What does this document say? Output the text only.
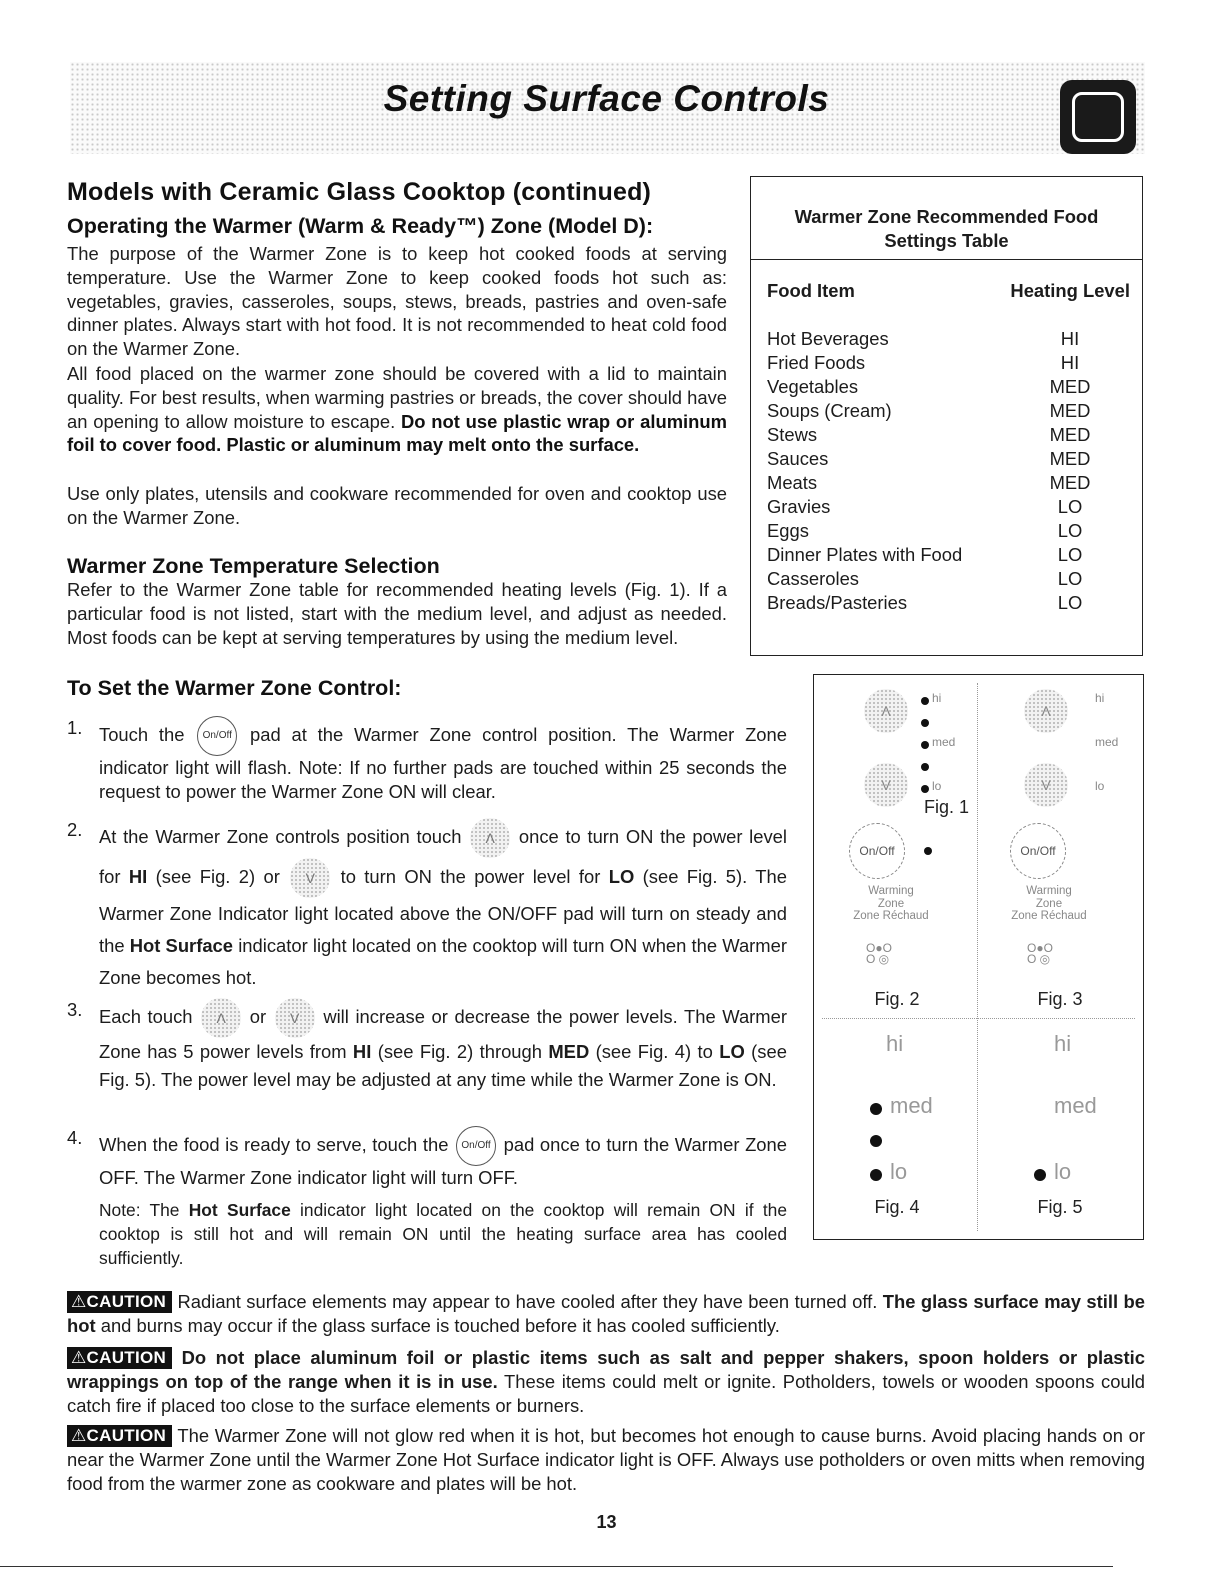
Setting Surface Controls
Models with Ceramic Glass Cooktop (continued)
Operating the Warmer (Warm & Ready™) Zone (Model D):
The purpose of the Warmer Zone is to keep hot cooked foods at serving temperature. Use the Warmer Zone to keep cooked foods hot such as: vegetables, gravies, casseroles, soups, stews, breads, pastries and oven-safe dinner plates. Always start with hot food. It is not recommended to heat cold food on the Warmer Zone.
All food placed on the warmer zone should be covered with a lid to maintain quality. For best results, when warming pastries or breads, the cover should have an opening to allow moisture to escape. Do not use plastic wrap or aluminum foil to cover food. Plastic or aluminum may melt onto the surface.
Use only plates, utensils and cookware recommended for oven and cooktop use on the Warmer Zone.
Warmer Zone Temperature Selection
Refer to the Warmer Zone table for recommended heating levels (Fig. 1). If a particular food is not listed, start with the medium level, and adjust as needed. Most foods can be kept at serving temperatures by using the medium level.
To Set the Warmer Zone Control:
1. Touch the On/Off pad at the Warmer Zone control position. The Warmer Zone indicator light will flash. Note: If no further pads are touched within 25 seconds the request to power the Warmer Zone ON will clear.
2. At the Warmer Zone controls position touch Λ once to turn ON the power level for HI (see Fig. 2) or V to turn ON the power level for LO (see Fig. 5). The Warmer Zone Indicator light located above the ON/OFF pad will turn on steady and the Hot Surface indicator light located on the cooktop will turn ON when the Warmer Zone becomes hot.
3. Each touch Λ or V will increase or decrease the power levels. The Warmer Zone has 5 power levels from HI (see Fig. 2) through MED (see Fig. 4) to LO (see Fig. 5). The power level may be adjusted at any time while the Warmer Zone is ON.
4. When the food is ready to serve, touch the On/Off pad once to turn the Warmer Zone OFF. The Warmer Zone indicator light will turn OFF.

Note: The Hot Surface indicator light located on the cooktop will remain ON if the cooktop is still hot and will remain ON until the heating surface area has cooled sufficiently.

Warmer Zone Recommended Food
Settings Table
Food Item	Heating Level
Hot Beverages	HI
Fried Foods	HI
Vegetables	MED
Soups (Cream)	MED
Stews	MED
Sauces	MED
Meats	MED
Gravies	LO
Eggs	LO
Dinner Plates with Food	LO
Casseroles	LO
Breads/Pasteries	LO
Fig. 1
Λ
hi
med
V	lo
On/Off
Warming
Zone
Zone Réchaud
O●O
O ◎
Fig. 2
Λ
hi
med
V	lo
On/Off
Warming
Zone
Zone Réchaud
O●O
O ◎
Fig. 3
hi
med
lo
Fig. 4
hi
med
lo
Fig. 5
⚠CAUTION Radiant surface elements may appear to have cooled after they have been turned off. The glass surface may still be hot and burns may occur if the glass surface is touched before it has cooled sufficiently.
⚠CAUTION Do not place aluminum foil or plastic items such as salt and pepper shakers, spoon holders or plastic wrappings on top of the range when it is in use. These items could melt or ignite. Potholders, towels or wooden spoons could catch fire if placed too close to the surface elements or burners.
⚠CAUTION The Warmer Zone will not glow red when it is hot, but becomes hot enough to cause burns. Avoid placing hands on or near the Warmer Zone until the Warmer Zone Hot Surface indicator light is OFF. Always use potholders or oven mitts when removing food from the warmer zone as cookware and plates will be hot.
13
